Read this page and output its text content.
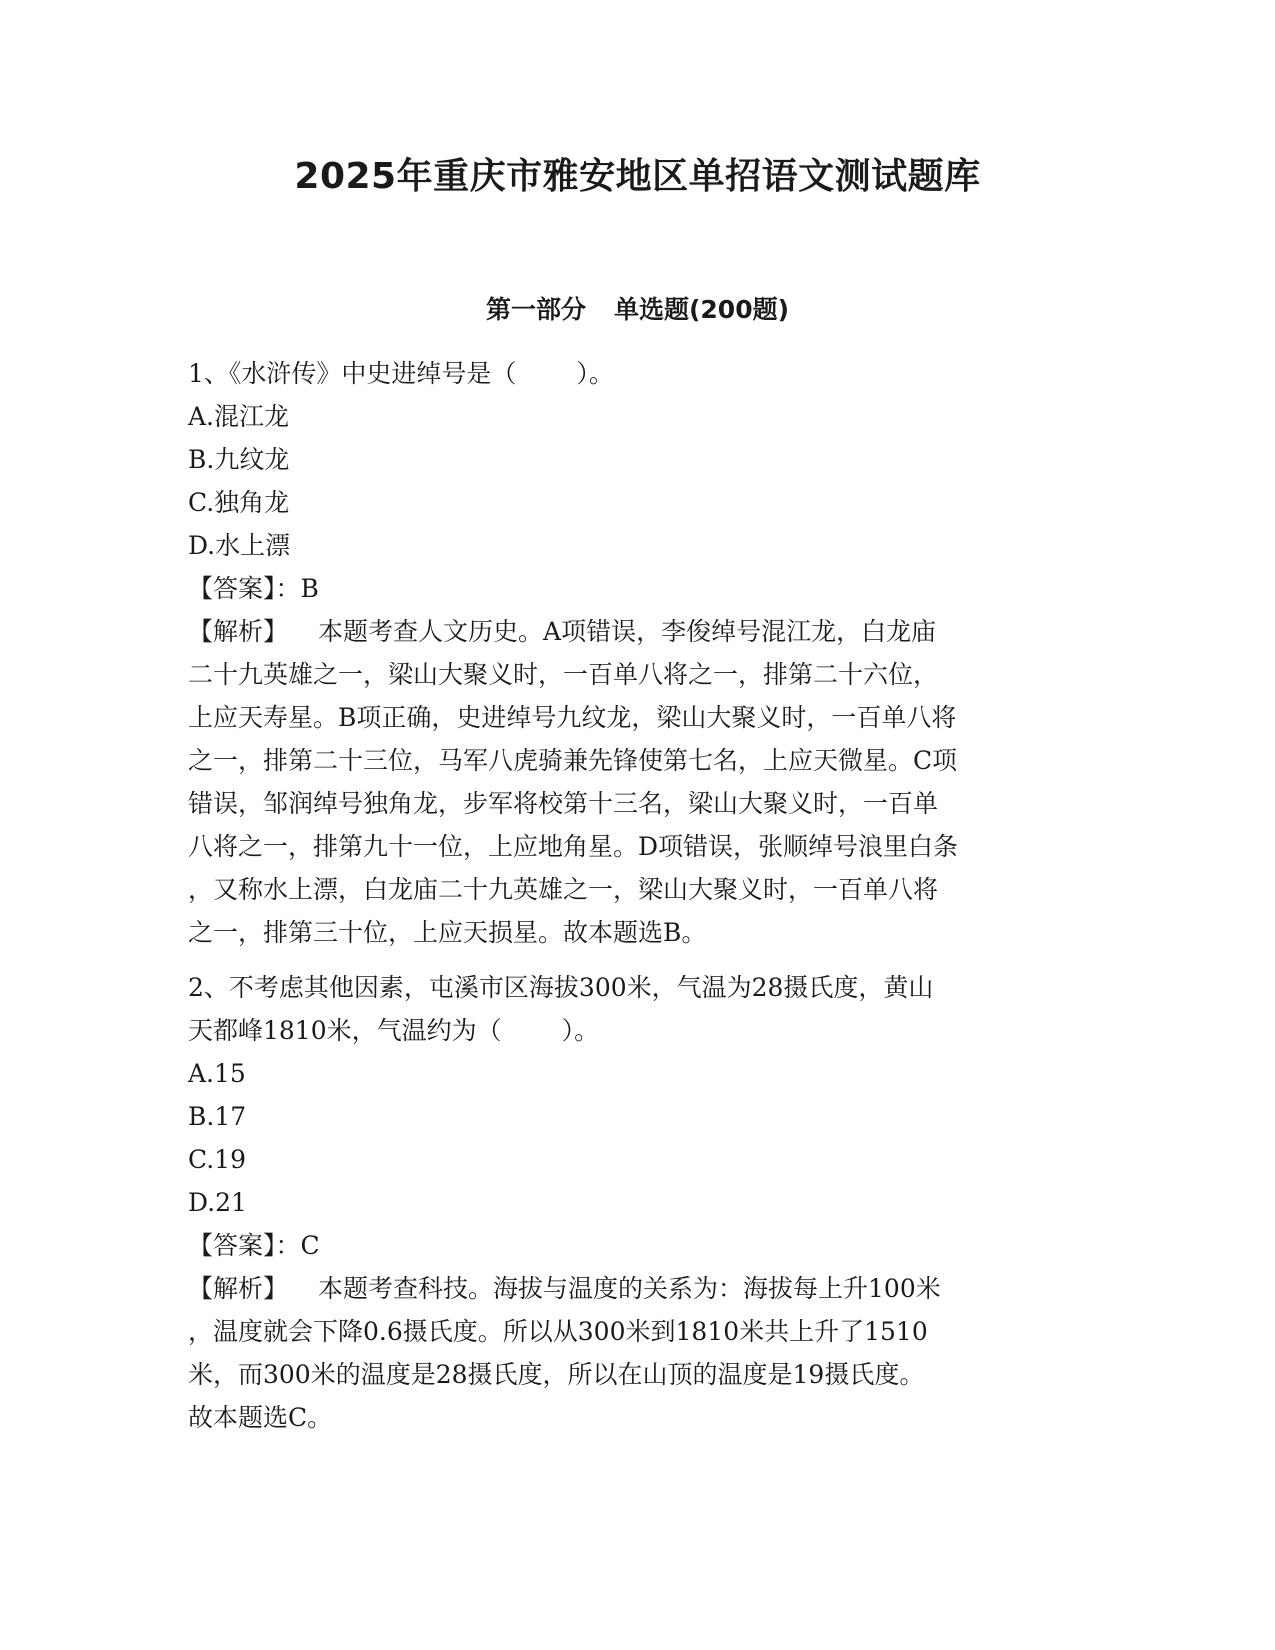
2025年重庆市雅安地区单招语文测试题库
第一部分 单选题(200题)
1、《水浒传》中史进绰号是（ ）。
A.混江龙
B.九纹龙
C.独角龙
D.水上漂
【答案】：B
【解析】 本题考查人文历史。A项错误，李俊绰号混江龙，白龙庙
二十九英雄之一，梁山大聚义时，一百单八将之一，排第二十六位，
上应天寿星。B项正确，史进绰号九纹龙，梁山大聚义时，一百单八将
之一，排第二十三位，马军八虎骑兼先锋使第七名，上应天微星。C项
错误，邹润绰号独角龙，步军将校第十三名，梁山大聚义时，一百单
八将之一，排第九十一位，上应地角星。D项错误，张顺绰号浪里白条
，又称水上漂，白龙庙二十九英雄之一，梁山大聚义时，一百单八将
之一，排第三十位，上应天损星。故本题选B。
2、不考虑其他因素，屯溪市区海拔300米，气温为28摄氏度，黄山
天都峰1810米，气温约为（ ）。
A.15
B.17
C.19
D.21
【答案】：C
【解析】 本题考查科技。海拔与温度的关系为：海拔每上升100米
，温度就会下降0.6摄氏度。所以从300米到1810米共上升了1510
米，而300米的温度是28摄氏度，所以在山顶的温度是19摄氏度。
故本题选C。
